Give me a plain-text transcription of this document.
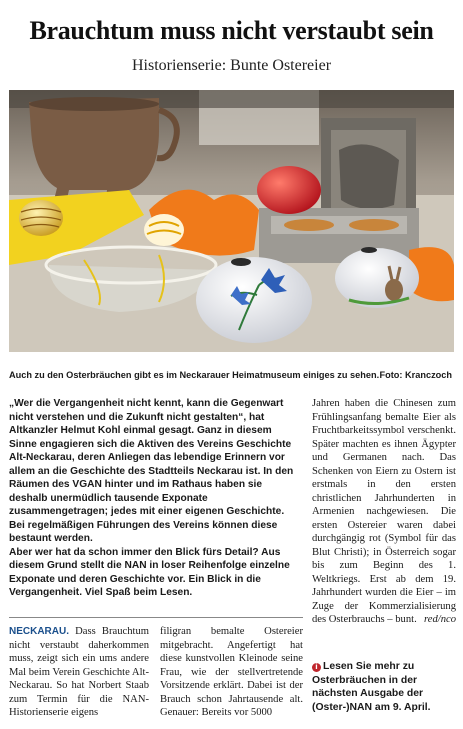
Brauchtum muss nicht verstaubt sein
Historienserie: Bunte Ostereier
Auch zu den Osterbräuchen gibt es im Neckarauer Heimatmuseum einiges zu sehen. Foto: Kranczoch

„Wer die Vergangenheit nicht kennt, kann die Gegenwart nicht verstehen und die Zukunft nicht gestalten“, hat Altkanzler Helmut Kohl einmal gesagt. Ganz in diesem Sinne engagieren sich die Aktiven des Vereins Geschichte Alt-Neckarau, deren Anliegen das lebendige Erinnern vor allem an die Geschichte des Stadtteils Neckarau ist. In den Räumen des VGAN hinter und im Rathaus haben sie deshalb unermüdlich tausende Exponate zusammengetragen; jedes mit einer eigenen Geschichte. Bei regelmäßigen Führungen des Vereins können diese bestaunt werden.

Aber wer hat da schon immer den Blick fürs Detail? Aus diesem Grund stellt die NAN in loser Reihenfolge einzelne Exponate und deren Geschichte vor. Ein Blick in die Vergangenheit. Viel Spaß beim Lesen.

NECKARAU. Dass Brauchtum nicht verstaubt daherkommen muss, zeigt sich ein ums andere Mal beim Verein Geschichte Alt-Neckarau. So hat Norbert Staab zum Termin für die NAN-Historienserie eigens
filigran bemalte Ostereier mitgebracht. Angefertigt hat diese kunstvollen Kleinode seine Frau, wie der stellvertretende Vorsitzende erklärt. Dabei ist der Brauch schon Jahrtausende alt. Genauer: Bereits vor 5000
Jahren haben die Chinesen zum Frühlingsanfang bemalte Eier als Fruchtbarkeitssymbol verschenkt. Später machten es ihnen Ägypter und Germanen nach. Das Schenken von Eiern zu Ostern ist erstmals in den ersten christlichen Jahrhunderten in Armenien nachgewiesen. Die ersten Ostereier waren dabei durchgängig rot (Symbol für das Blut Christi); in Österreich sogar bis zum Beginn des 1. Weltkriegs. Erst ab dem 19. Jahrhundert wurden die Eier – im Zuge der Kommerzialisierung des Osterbrauchs – bunt. red/nco
i Lesen Sie mehr zu Osterbräuchen in der nächsten Ausgabe der (Oster-)NAN am 9. April.
